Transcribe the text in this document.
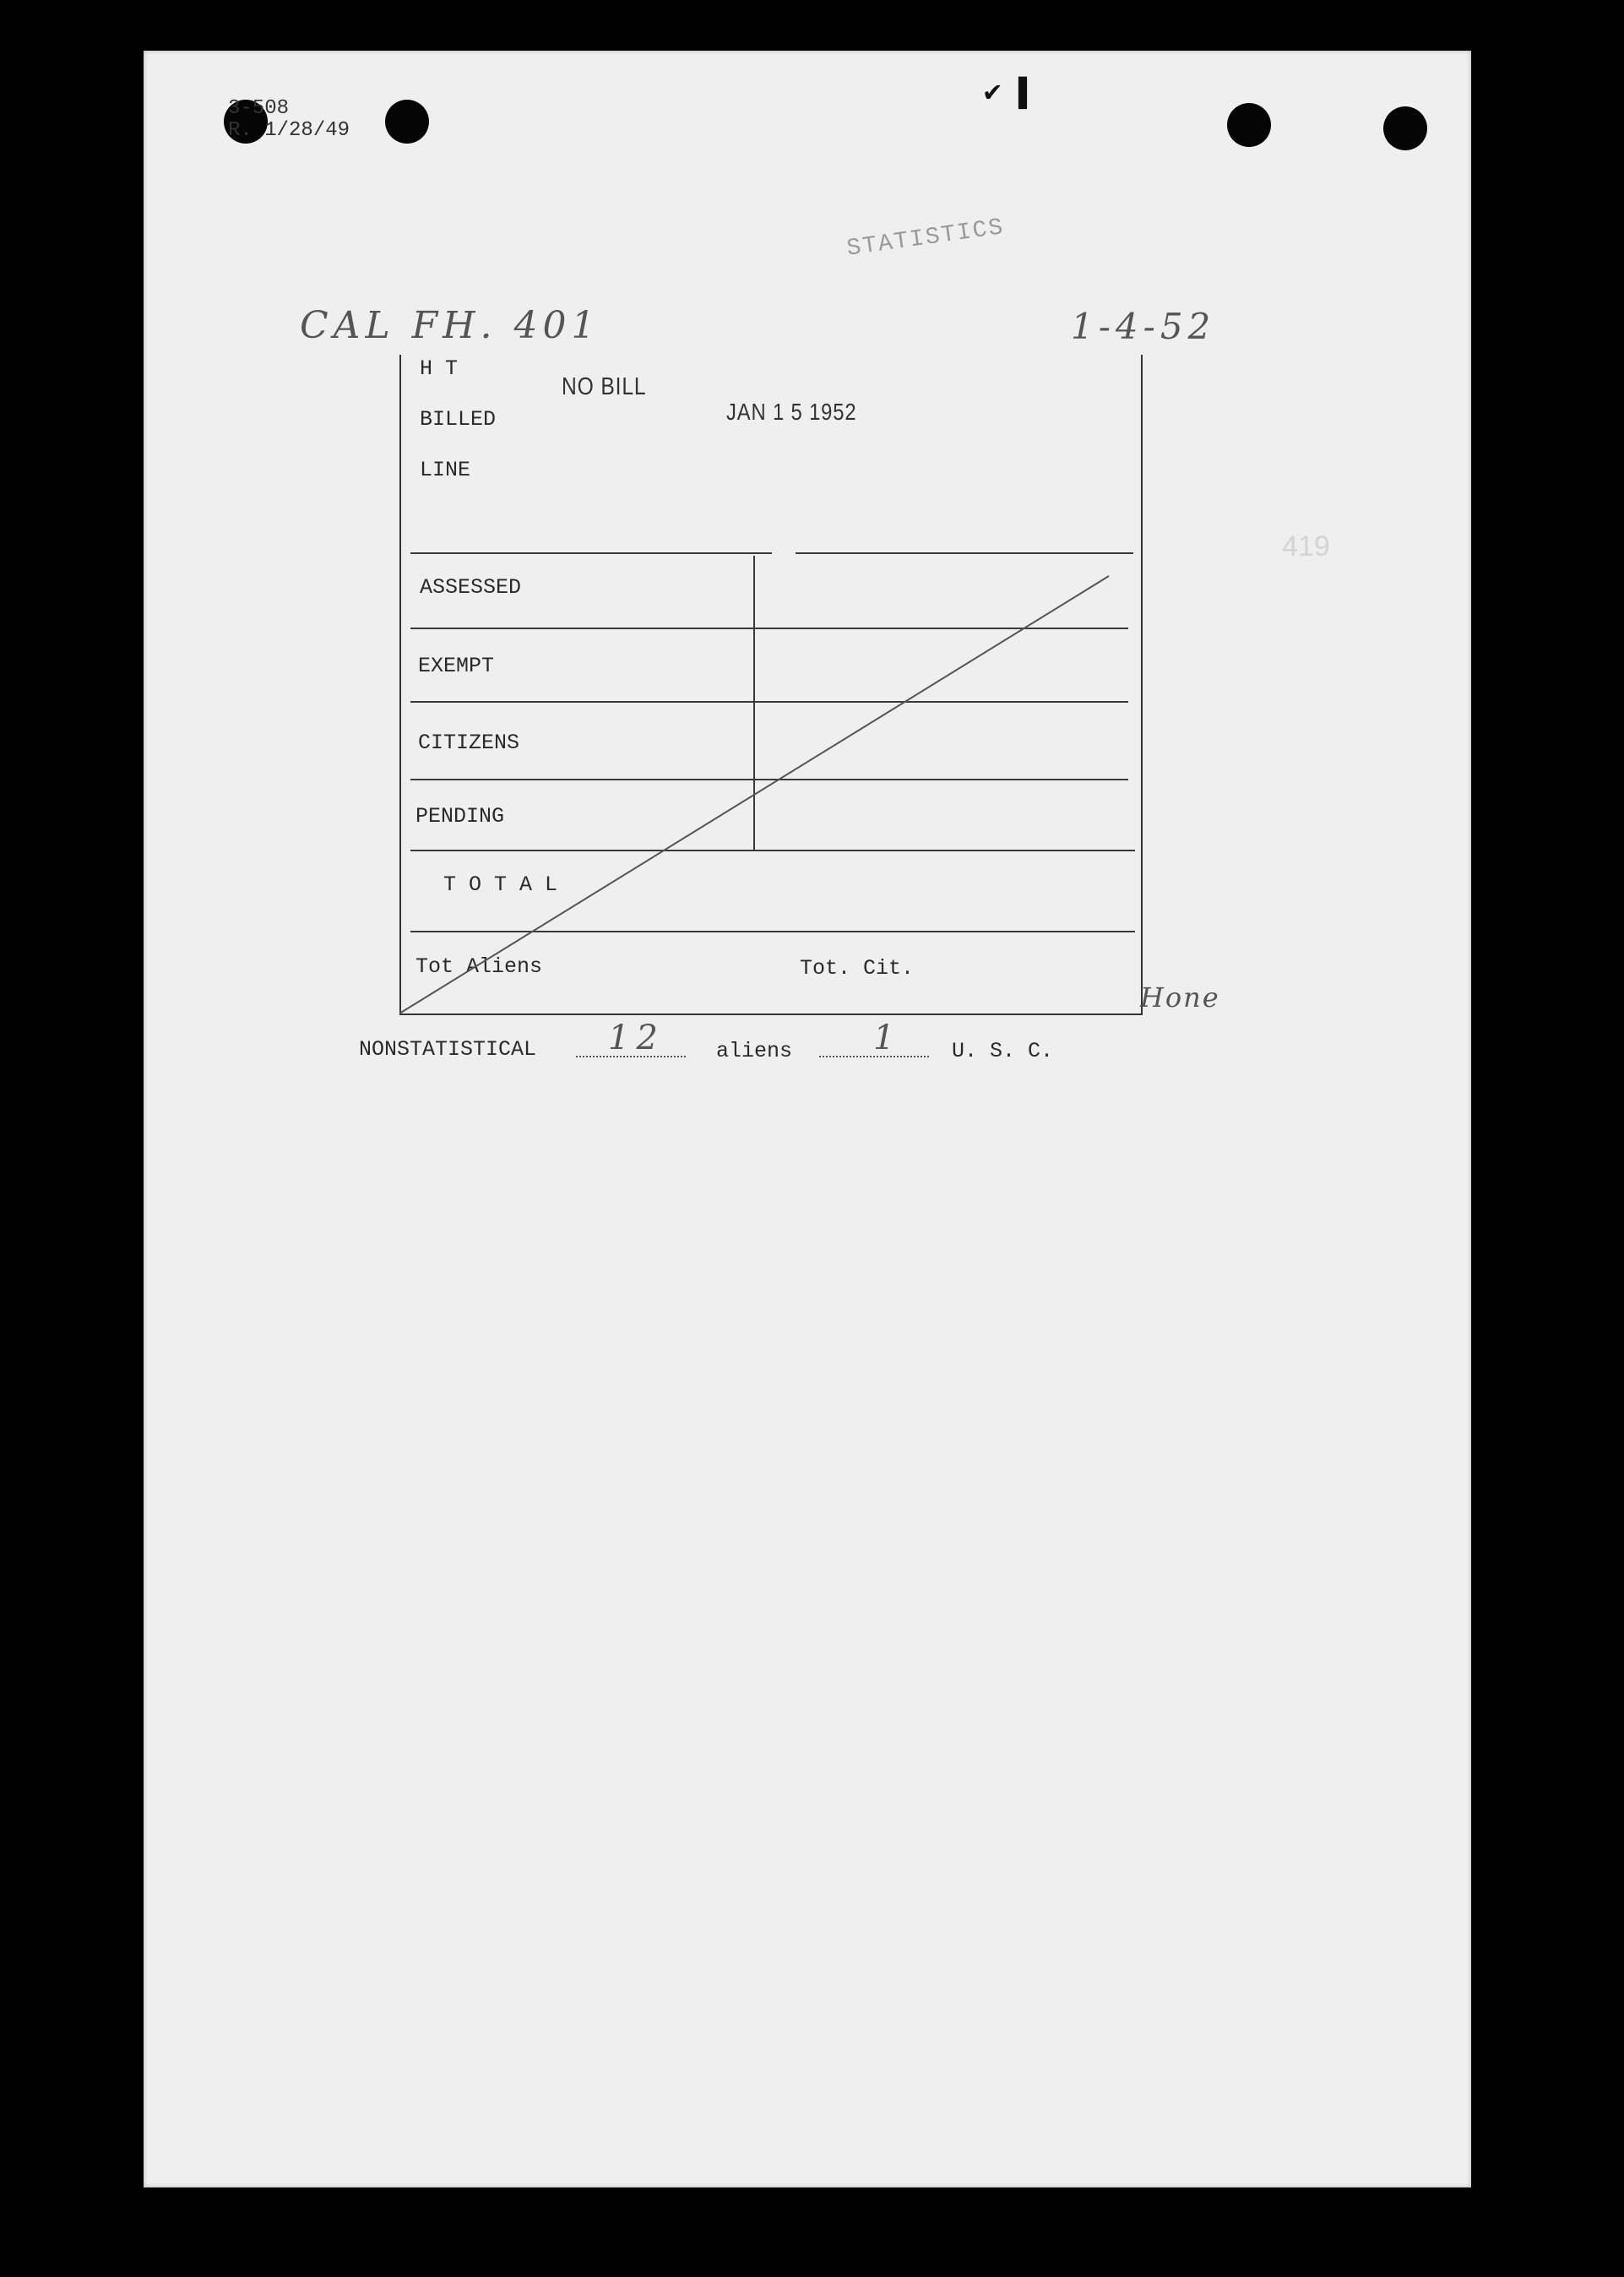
3-508
R. 1/28/49
✔ ▌
STATISTICS
CAL FH. 401	1-4-52
419
H T
NO BILL
BILLED	JAN 1 5 1952
LINE
ASSESSED
EXEMPT
CITIZENS
PENDING
T O T A L
Tot Aliens	Tot. Cit.
Hone
NONSTATISTICAL 12 aliens 1 U. S. C.
